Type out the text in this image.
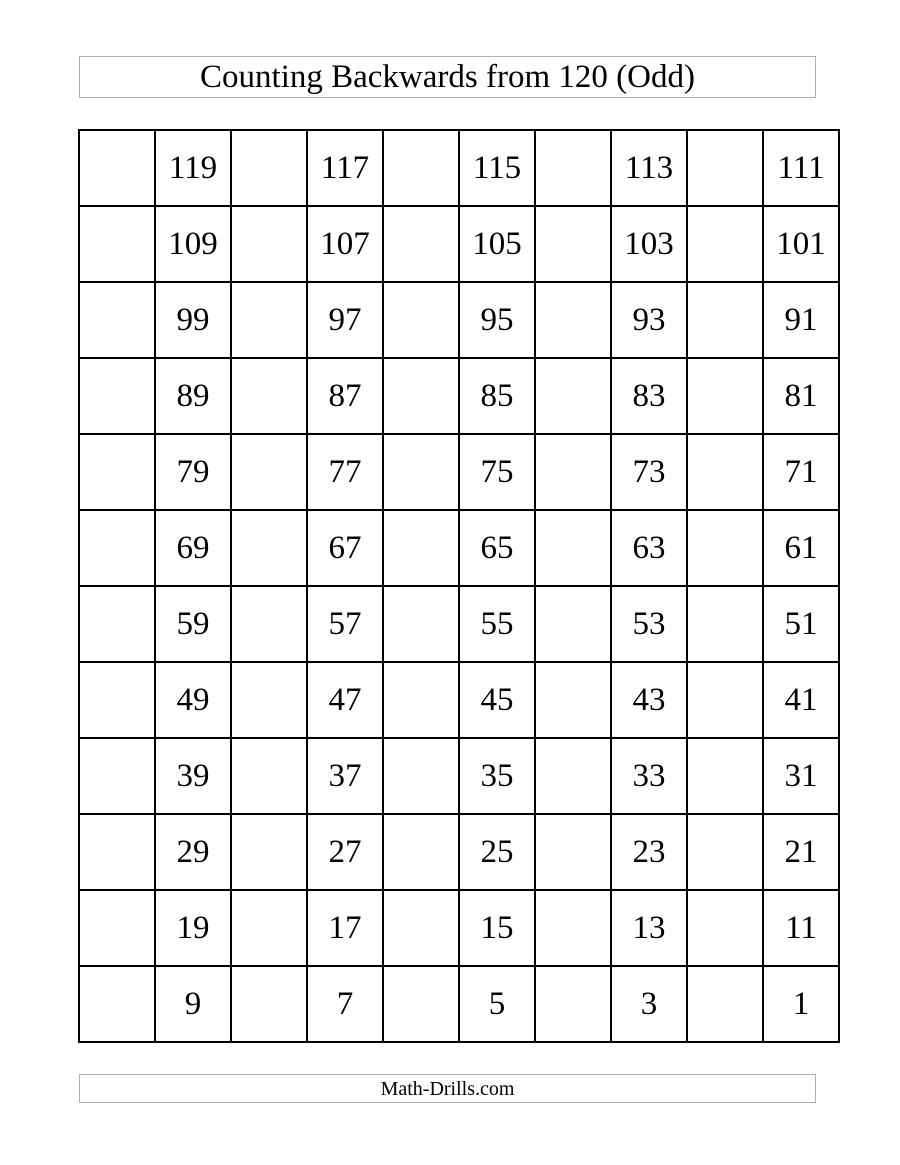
Counting Backwards from 120 (Odd)
	119		117		115		113		111
	109		107		105		103		101
	99		97		95		93		91
	89		87		85		83		81
	79		77		75		73		71
	69		67		65		63		61
	59		57		55		53		51
	49		47		45		43		41
	39		37		35		33		31
	29		27		25		23		21
	19		17		15		13		11
	9		7		5		3		1
Math-Drills.com
